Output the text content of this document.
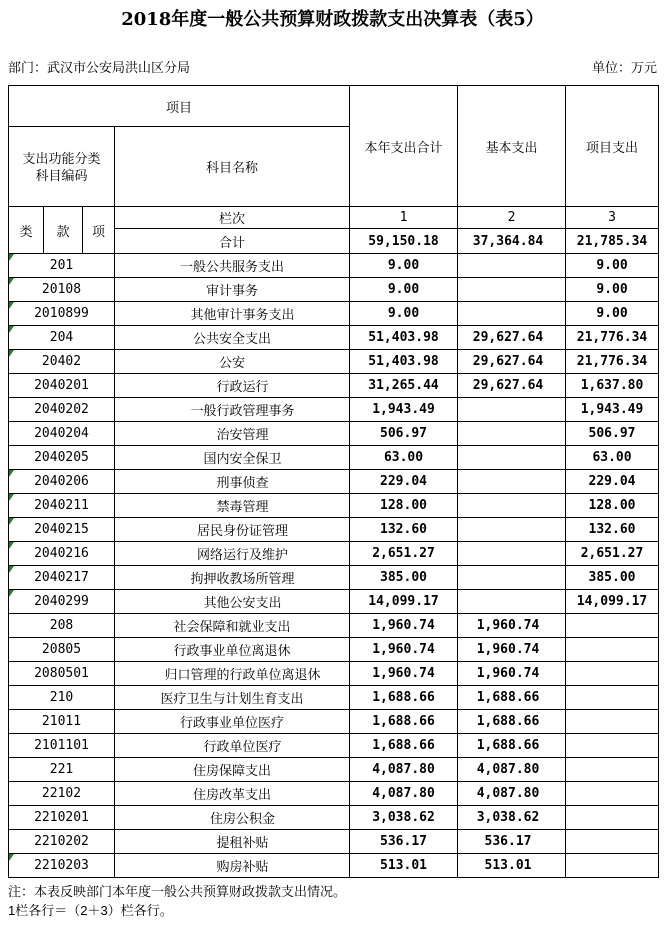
2018年度一般公共预算财政拨款支出决算表（表5）
部门：武汉市公安局洪山区分局	单位：万元
项目				本年支出合计	基本支出	项目支出

支出功能分类
科目编码			科目名称			
类	款	项	栏次	1	2	3
			合计	59,150.18	37,364.84	21,785.34

201			一般公共服务支出	9.00		9.00

20108			审计事务	9.00		9.00

2010899			其他审计事务支出	9.00		9.00

204			公共安全支出	51,403.98	29,627.64	21,776.34

20402			公安	51,403.98	29,627.64	21,776.34
2040201			行政运行	31,265.44	29,627.64	1,637.80
2040202			一般行政管理事务	1,943.49		1,943.49
2040204			治安管理	506.97		506.97
2040205			国内安全保卫	63.00		63.00

2040206			刑事侦查	229.04		229.04

2040211			禁毒管理	128.00		128.00

2040215			居民身份证管理	132.60		132.60

2040216			网络运行及维护	2,651.27		2,651.27

2040217			拘押收教场所管理	385.00		385.00

2040299			其他公安支出	14,099.17		14,099.17
208			社会保障和就业支出	1,960.74	1,960.74	
20805			行政事业单位离退休	1,960.74	1,960.74	
2080501			归口管理的行政单位离退休	1,960.74	1,960.74	
210			医疗卫生与计划生育支出	1,688.66	1,688.66	
21011			行政事业单位医疗	1,688.66	1,688.66	
2101101			行政单位医疗	1,688.66	1,688.66	
221			住房保障支出	4,087.80	4,087.80	
22102			住房改革支出	4,087.80	4,087.80	
2210201			住房公积金	3,038.62	3,038.62	
2210202			提租补贴	536.17	536.17	

2210203			购房补贴	513.01	513.01	
注：本表反映部门本年度一般公共预算财政拨款支出情况。
1栏各行＝（2＋3）栏各行。
